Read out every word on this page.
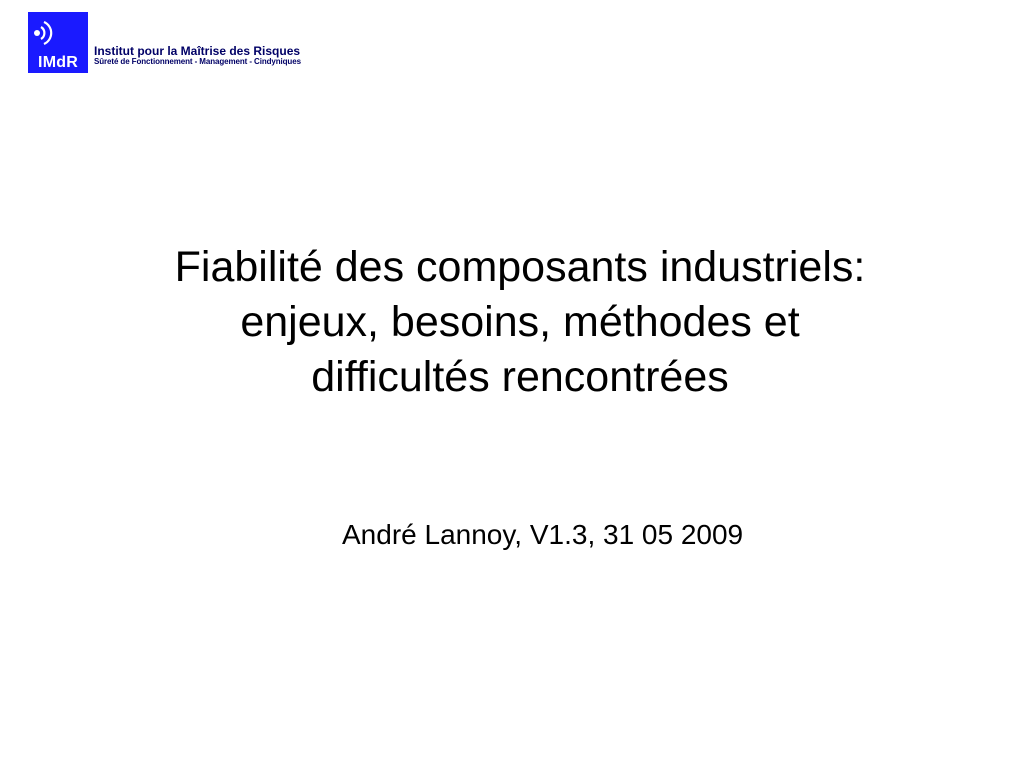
IMdR
Institut pour la Maîtrise des Risques
Sûreté de Fonctionnement - Management - Cindyniques
Fiabilité des composants industriels:
enjeux, besoins, méthodes et
difficultés rencontrées
André Lannoy, V1.3, 31 05 2009
